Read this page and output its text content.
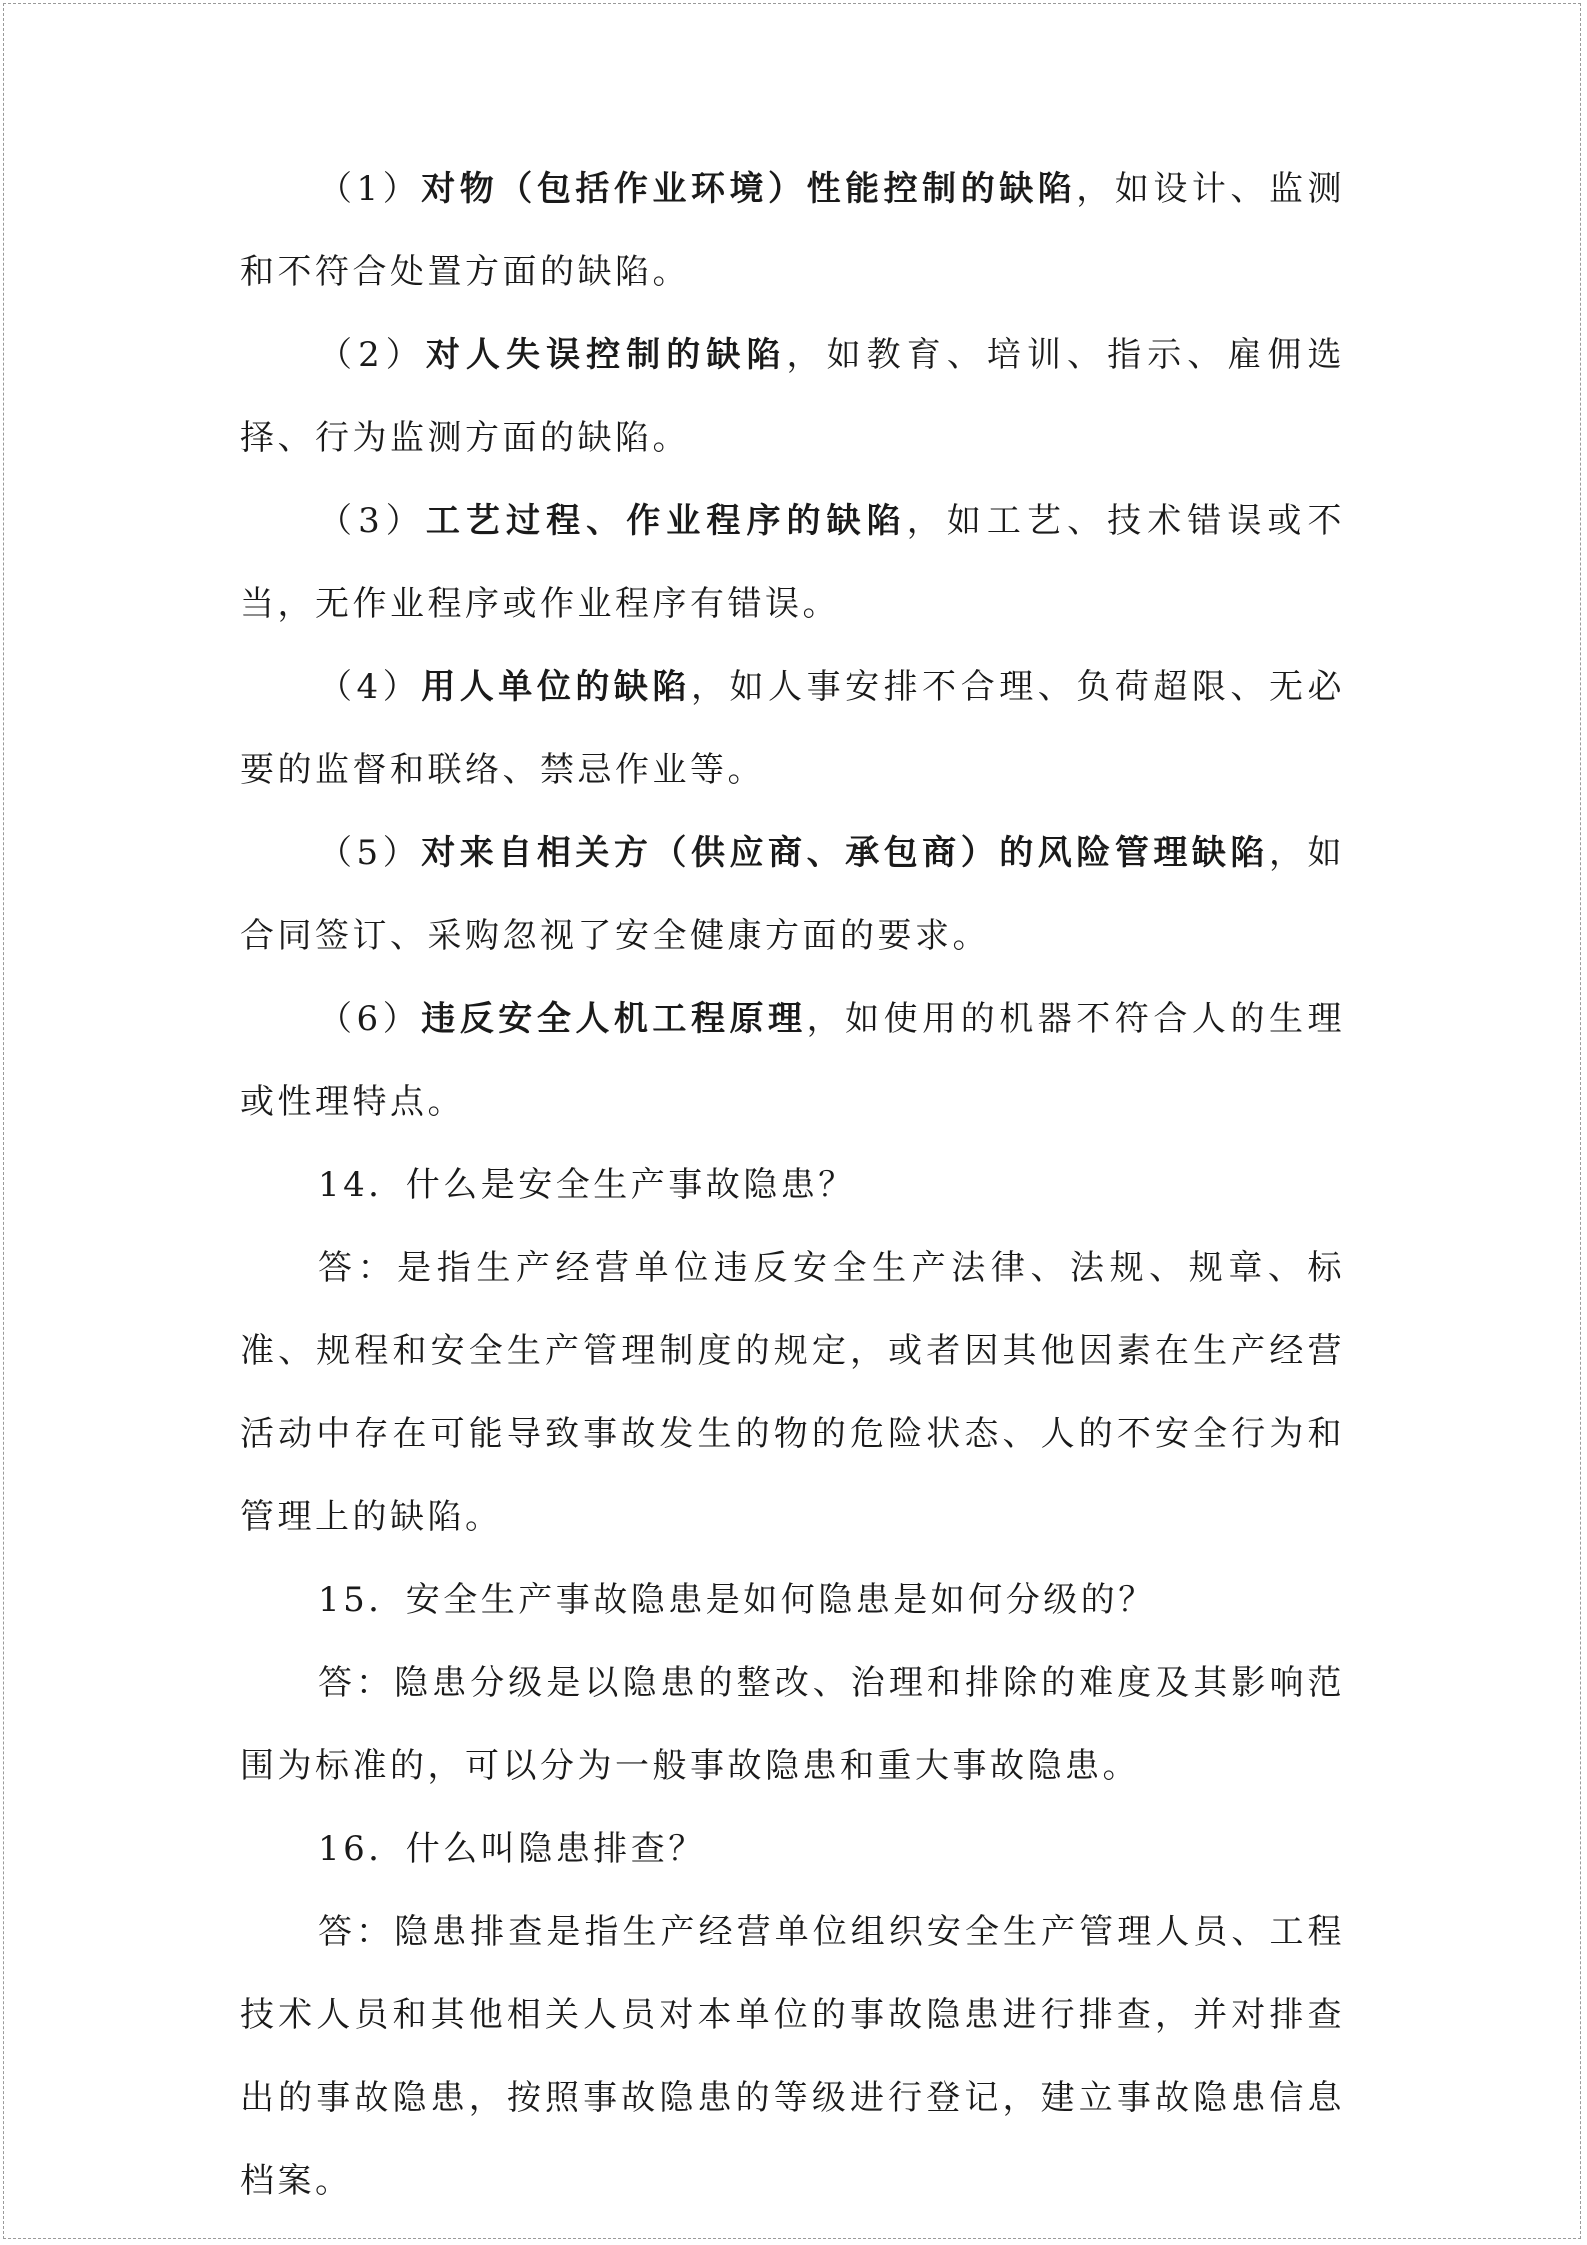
（1）对物（包括作业环境）性能控制的缺陷，如设计、监测和不符合处置方面的缺陷。

（2）对人失误控制的缺陷，如教育、培训、指示、雇佣选择、行为监测方面的缺陷。

（3）工艺过程、作业程序的缺陷，如工艺、技术错误或不当，无作业程序或作业程序有错误。

（4）用人单位的缺陷，如人事安排不合理、负荷超限、无必要的监督和联络、禁忌作业等。

（5）对来自相关方（供应商、承包商）的风险管理缺陷，如合同签订、采购忽视了安全健康方面的要求。

（6）违反安全人机工程原理，如使用的机器不符合人的生理或性理特点。

14．什么是安全生产事故隐患？

答：是指生产经营单位违反安全生产法律、法规、规章、标准、规程和安全生产管理制度的规定，或者因其他因素在生产经营活动中存在可能导致事故发生的物的危险状态、人的不安全行为和管理上的缺陷。

15．安全生产事故隐患是如何隐患是如何分级的？

答：隐患分级是以隐患的整改、治理和排除的难度及其影响范围为标准的，可以分为一般事故隐患和重大事故隐患。

16．什么叫隐患排查？

答：隐患排查是指生产经营单位组织安全生产管理人员、工程技术人员和其他相关人员对本单位的事故隐患进行排查，并对排查出的事故隐患，按照事故隐患的等级进行登记，建立事故隐患信息档案。
